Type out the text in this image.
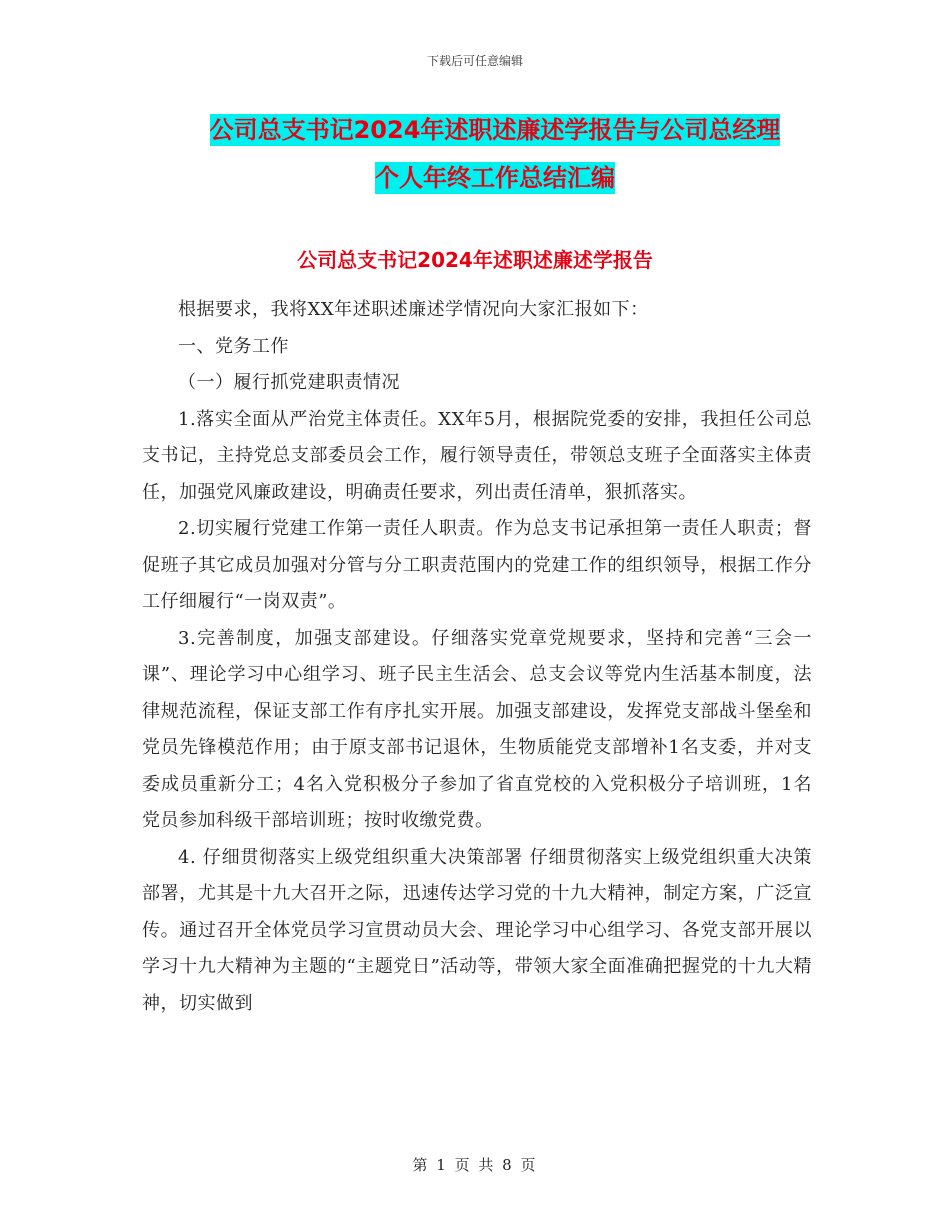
下载后可任意编辑
公司总支书记2024年述职述廉述学报告与公司总经理
个人年终工作总结汇编
公司总支书记2024年述职述廉述学报告

根据要求，我将XX年述职述廉述学情况向大家汇报如下：

一、党务工作

（一）履行抓党建职责情况

1.落实全面从严治党主体责任。XX年5月，根据院党委的安排，我担任公司总支书记，主持党总支部委员会工作，履行领导责任，带领总支班子全面落实主体责任，加强党风廉政建设，明确责任要求，列出责任清单，狠抓落实。

2.切实履行党建工作第一责任人职责。作为总支书记承担第一责任人职责；督促班子其它成员加强对分管与分工职责范围内的党建工作的组织领导，根据工作分工仔细履行“一岗双责”。

3.完善制度，加强支部建设。仔细落实党章党规要求，坚持和完善“三会一课”、理论学习中心组学习、班子民主生活会、总支会议等党内生活基本制度，法律规范流程，保证支部工作有序扎实开展。加强支部建设，发挥党支部战斗堡垒和党员先锋模范作用；由于原支部书记退休，生物质能党支部增补1名支委，并对支委成员重新分工；4名入党积极分子参加了省直党校的入党积极分子培训班，1名党员参加科级干部培训班；按时收缴党费。

4. 仔细贯彻落实上级党组织重大决策部署 仔细贯彻落实上级党组织重大决策部署，尤其是十九大召开之际，迅速传达学习党的十九大精神，制定方案，广泛宣传。通过召开全体党员学习宣贯动员大会、理论学习中心组学习、各党支部开展以学习十九大精神为主题的“主题党日”活动等，带领大家全面准确把握党的十九大精神，切实做到

第 1 页 共 8 页
